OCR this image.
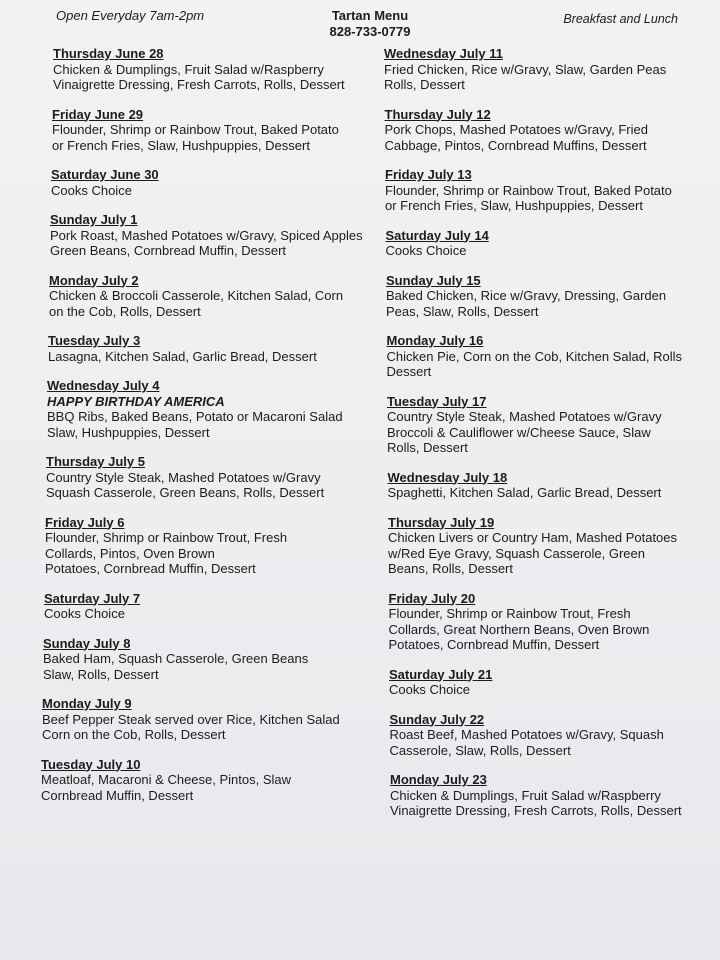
Open Everyday 7am-2pm	Tartan Menu
828-733-0779
Breakfast and Lunch
Thursday June 28
Chicken & Dumplings, Fruit Salad w/Raspberry
Vinaigrette Dressing, Fresh Carrots, Rolls, Dessert
Friday June 29
Flounder, Shrimp or Rainbow Trout, Baked Potato
or French Fries, Slaw, Hushpuppies, Dessert
Saturday June 30
Cooks Choice
Sunday July 1
Pork Roast, Mashed Potatoes w/Gravy, Spiced Apples
Green Beans, Cornbread Muffin, Dessert
Monday July 2
Chicken & Broccoli Casserole, Kitchen Salad, Corn
on the Cob, Rolls, Dessert
Tuesday July 3
Lasagna, Kitchen Salad, Garlic Bread, Dessert
Wednesday July 4
HAPPY BIRTHDAY AMERICA
BBQ Ribs, Baked Beans, Potato or Macaroni Salad
Slaw, Hushpuppies, Dessert
Thursday July 5
Country Style Steak, Mashed Potatoes w/Gravy
Squash Casserole, Green Beans, Rolls, Dessert
Friday July 6
Flounder, Shrimp or Rainbow Trout, Fresh
Collards, Pintos, Oven Brown
Potatoes, Cornbread Muffin, Dessert
Saturday July 7
Cooks Choice
Sunday July 8
Baked Ham, Squash Casserole, Green Beans
Slaw, Rolls, Dessert
Monday July 9
Beef Pepper Steak served over Rice, Kitchen Salad
Corn on the Cob, Rolls, Dessert
Tuesday July 10
Meatloaf, Macaroni & Cheese, Pintos, Slaw
Cornbread Muffin, Dessert
Wednesday July 11
Fried Chicken, Rice w/Gravy, Slaw, Garden Peas
Rolls, Dessert
Thursday July 12
Pork Chops, Mashed Potatoes w/Gravy, Fried
Cabbage, Pintos, Cornbread Muffins, Dessert
Friday July 13
Flounder, Shrimp or Rainbow Trout, Baked Potato
or French Fries, Slaw, Hushpuppies, Dessert
Saturday July 14
Cooks Choice
Sunday July 15
Baked Chicken, Rice w/Gravy, Dressing, Garden
Peas, Slaw, Rolls, Dessert
Monday July 16
Chicken Pie, Corn on the Cob, Kitchen Salad, Rolls
Dessert
Tuesday July 17
Country Style Steak, Mashed Potatoes w/Gravy
Broccoli & Cauliflower w/Cheese Sauce, Slaw
Rolls, Dessert
Wednesday July 18
Spaghetti, Kitchen Salad, Garlic Bread, Dessert
Thursday July 19
Chicken Livers or Country Ham, Mashed Potatoes
w/Red Eye Gravy, Squash Casserole, Green
Beans, Rolls, Dessert
Friday July 20
Flounder, Shrimp or Rainbow Trout, Fresh
Collards, Great Northern Beans, Oven Brown
Potatoes, Cornbread Muffin, Dessert
Saturday July 21
Cooks Choice
Sunday July 22
Roast Beef, Mashed Potatoes w/Gravy, Squash
Casserole, Slaw, Rolls, Dessert
Monday July 23
Chicken & Dumplings, Fruit Salad w/Raspberry
Vinaigrette Dressing, Fresh Carrots, Rolls, Dessert
